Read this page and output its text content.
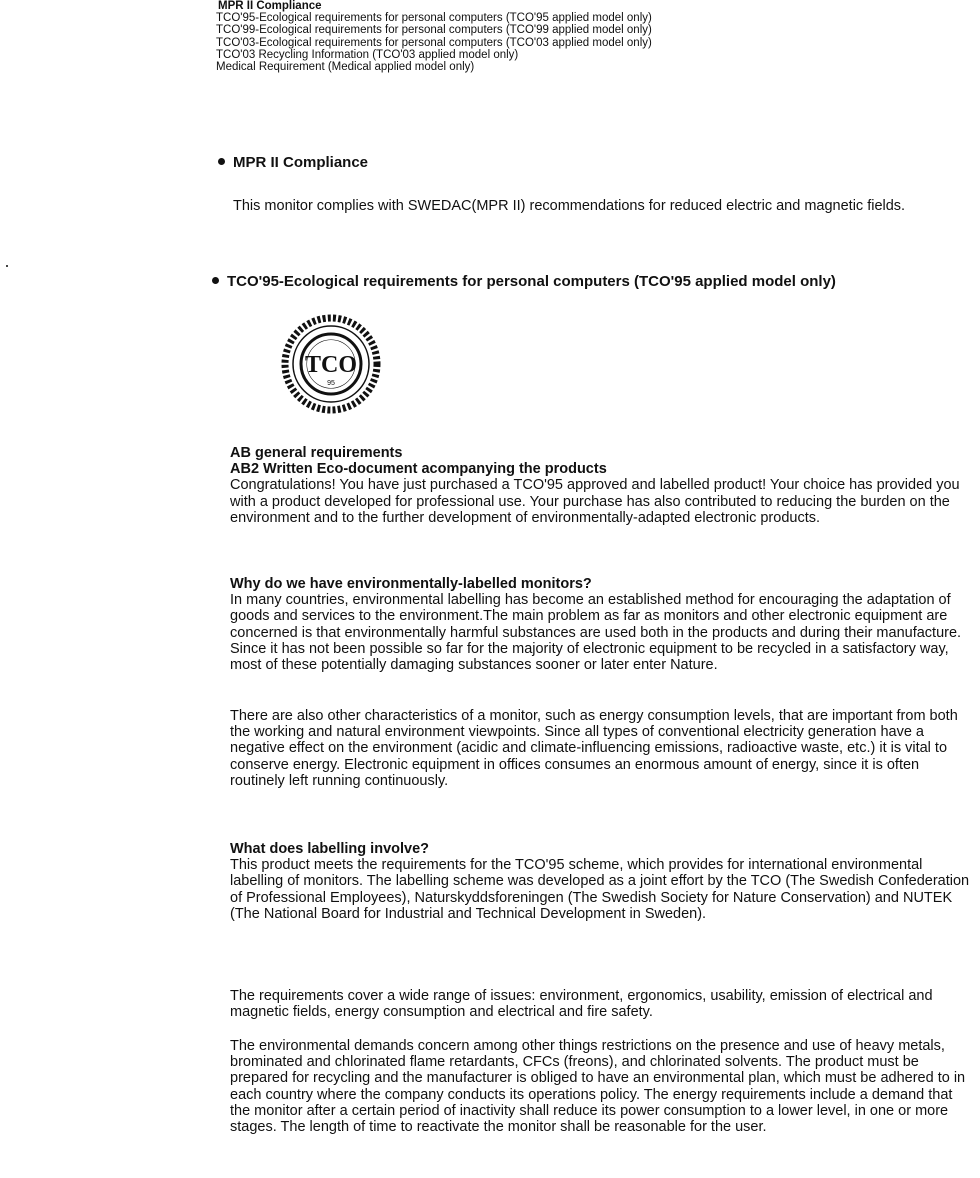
MPR II Compliance
TCO'95-Ecological requirements for personal computers (TCO'95 applied model only)
TCO'99-Ecological requirements for personal computers (TCO'99 applied model only)
TCO'03-Ecological requirements for personal computers (TCO'03 applied model only)
TCO'03 Recycling Information (TCO'03 applied model only)
Medical Requirement (Medical applied model only)
MPR II Compliance

This monitor complies with SWEDAC(MPR II) recommendations for reduced electric and magnetic fields.

TCO'95-Ecological requirements for personal computers (TCO'95 applied model only)
TCO
95

AB general requirements

AB2 Written Eco-document acompanying the products

Congratulations! You have just purchased a TCO'95 approved and labelled product! Your choice has provided you with a product developed for professional use. Your purchase has also contributed to reducing the burden on the environment and to the further development of environmentally-adapted electronic products.

Why do we have environmentally-labelled monitors?

In many countries, environmental labelling has become an established method for encouraging the adaptation of goods and services to the environment.The main problem as far as monitors and other electronic equipment are concerned is that environmentally harmful substances are used both in the products and during their manufacture. Since it has not been possible so far for the majority of electronic equipment to be recycled in a satisfactory way, most of these potentially damaging substances sooner or later enter Nature.

There are also other characteristics of a monitor, such as energy consumption levels, that are important from both the working and natural environment viewpoints. Since all types of conventional electricity generation have a negative effect on the environment (acidic and climate-influencing emissions, radioactive waste, etc.) it is vital to conserve energy. Electronic equipment in offices consumes an enormous amount of energy, since it is often routinely left running continuously.

What does labelling involve?

This product meets the requirements for the TCO'95 scheme, which provides for international environmental labelling of monitors. The labelling scheme was developed as a joint effort by the TCO (The Swedish Confederation of Professional Employees), Naturskyddsforeningen (The Swedish Society for Nature Conservation) and NUTEK (The National Board for Industrial and Technical Development in Sweden).

The requirements cover a wide range of issues: environment, ergonomics, usability, emission of electrical and magnetic fields, energy consumption and electrical and fire safety.

The environmental demands concern among other things restrictions on the presence and use of heavy metals, brominated and chlorinated flame retardants, CFCs (freons), and chlorinated solvents. The product must be prepared for recycling and the manufacturer is obliged to have an environmental plan, which must be adhered to in each country where the company conducts its operations policy. The energy requirements include a demand that the monitor after a certain period of inactivity shall reduce its power consumption to a lower level, in one or more stages. The length of time to reactivate the monitor shall be reasonable for the user.
